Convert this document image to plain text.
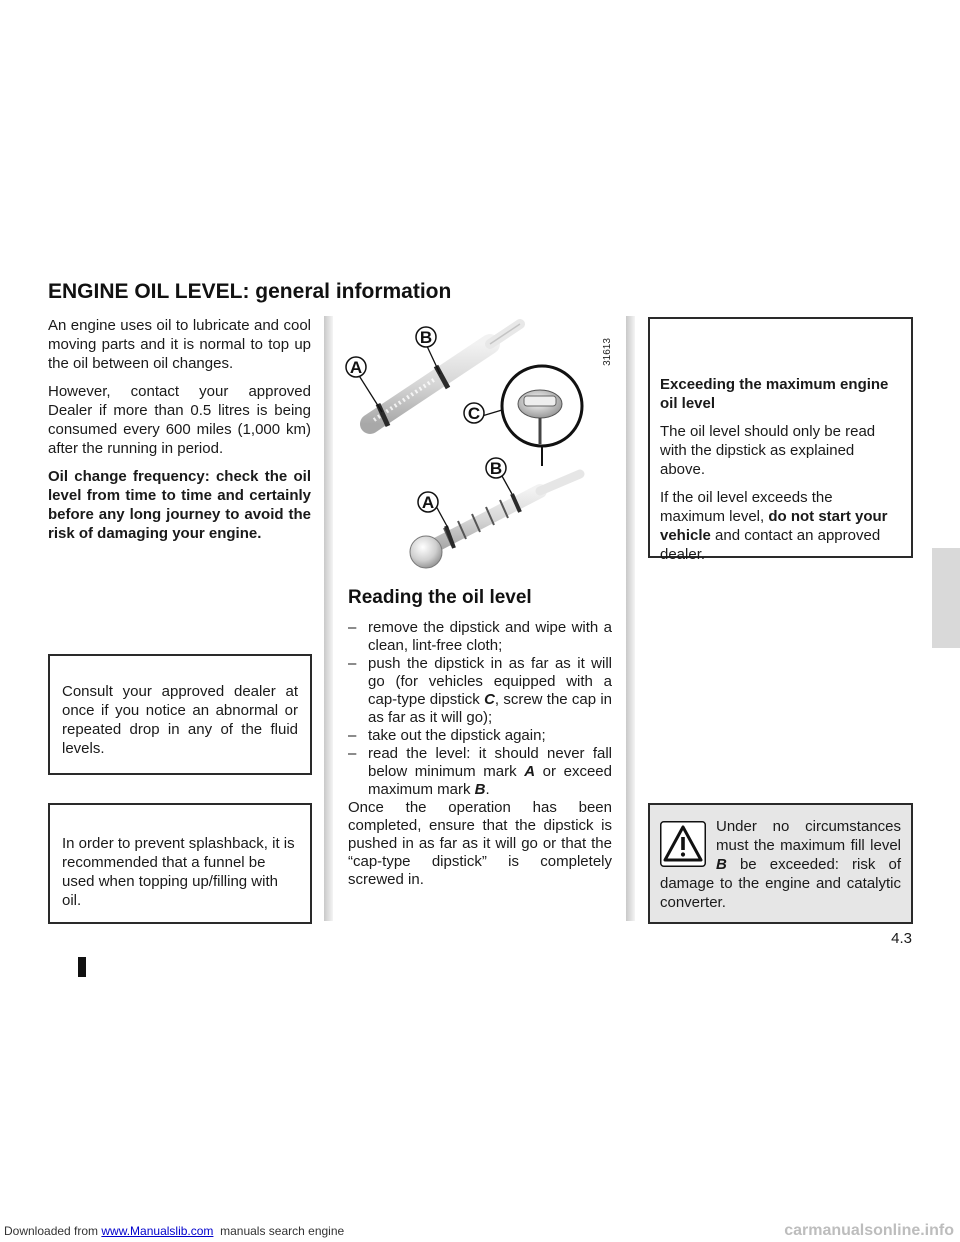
ENGINE OIL LEVEL: general information

An engine uses oil to lubricate and cool moving parts and it is normal to top up the oil between oil changes.

However, contact your approved Dealer if more than 0.5 litres is being consumed every 600 miles (1,000 km) after the running in period.

Oil change frequency: check the oil level from time to time and certainly before any long journey to avoid the risk of damaging your engine.

Consult your approved dealer at once if you notice an abnormal or repeated drop in any of the fluid levels.
In order to prevent splashback, it is recommended that a funnel be used when topping up/filling with oil.
A
B
C
B
A
31613
Reading the oil level
– remove the dipstick and wipe with a clean, lint-free cloth;
– push the dipstick in as far as it will go (for vehicles equipped with a cap-type dipstick C, screw the cap in as far as it will go);
– take out the dipstick again;
– read the level: it should never fall below minimum mark A or exceed maximum mark B.
Once the operation has been completed, ensure that the dipstick is pushed in as far as it will go or that the “cap-type dipstick” is completely screwed in.
Exceeding the maximum engine oil level
The oil level should only be read with the dipstick as explained above.
If the oil level exceeds the maximum level, do not start your vehicle and contact an approved dealer.
Under no circumstances must the maximum fill level B be exceeded: risk of damage to the engine and catalytic converter.
4.3
Downloaded from www.Manualslib.com  manuals search engine	carmanualsonline.info
